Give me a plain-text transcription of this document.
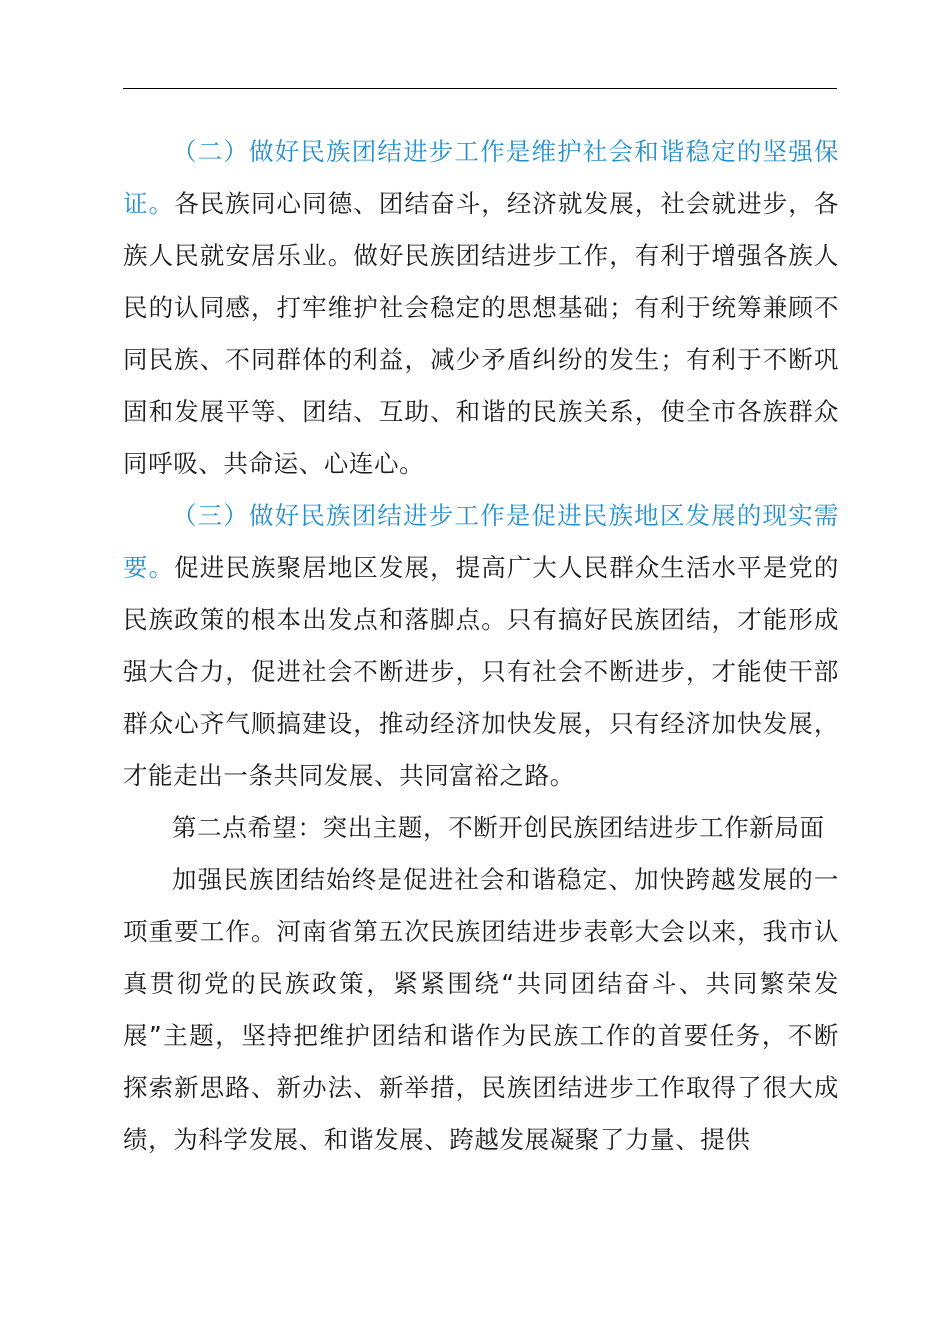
（二）做好民族团结进步工作是维护社会和谐稳定的坚强保证。各民族同心同德、团结奋斗，经济就发展，社会就进步，各族人民就安居乐业。做好民族团结进步工作，有利于增强各族人民的认同感，打牢维护社会稳定的思想基础；有利于统筹兼顾不同民族、不同群体的利益，减少矛盾纠纷的发生；有利于不断巩固和发展平等、团结、互助、和谐的民族关系，使全市各族群众同呼吸、共命运、心连心。

（三）做好民族团结进步工作是促进民族地区发展的现实需要。促进民族聚居地区发展，提高广大人民群众生活水平是党的民族政策的根本出发点和落脚点。只有搞好民族团结，才能形成强大合力，促进社会不断进步，只有社会不断进步，才能使干部群众心齐气顺搞建设，推动经济加快发展，只有经济加快发展，才能走出一条共同发展、共同富裕之路。

第二点希望：突出主题，不断开创民族团结进步工作新局面

加强民族团结始终是促进社会和谐稳定、加快跨越发展的一项重要工作。河南省第五次民族团结进步表彰大会以来，我市认真贯彻党的民族政策，紧紧围绕“共同团结奋斗、共同繁荣发展”主题，坚持把维护团结和谐作为民族工作的首要任务，不断探索新思路、新办法、新举措，民族团结进步工作取得了很大成绩，为科学发展、和谐发展、跨越发展凝聚了力量、提供
